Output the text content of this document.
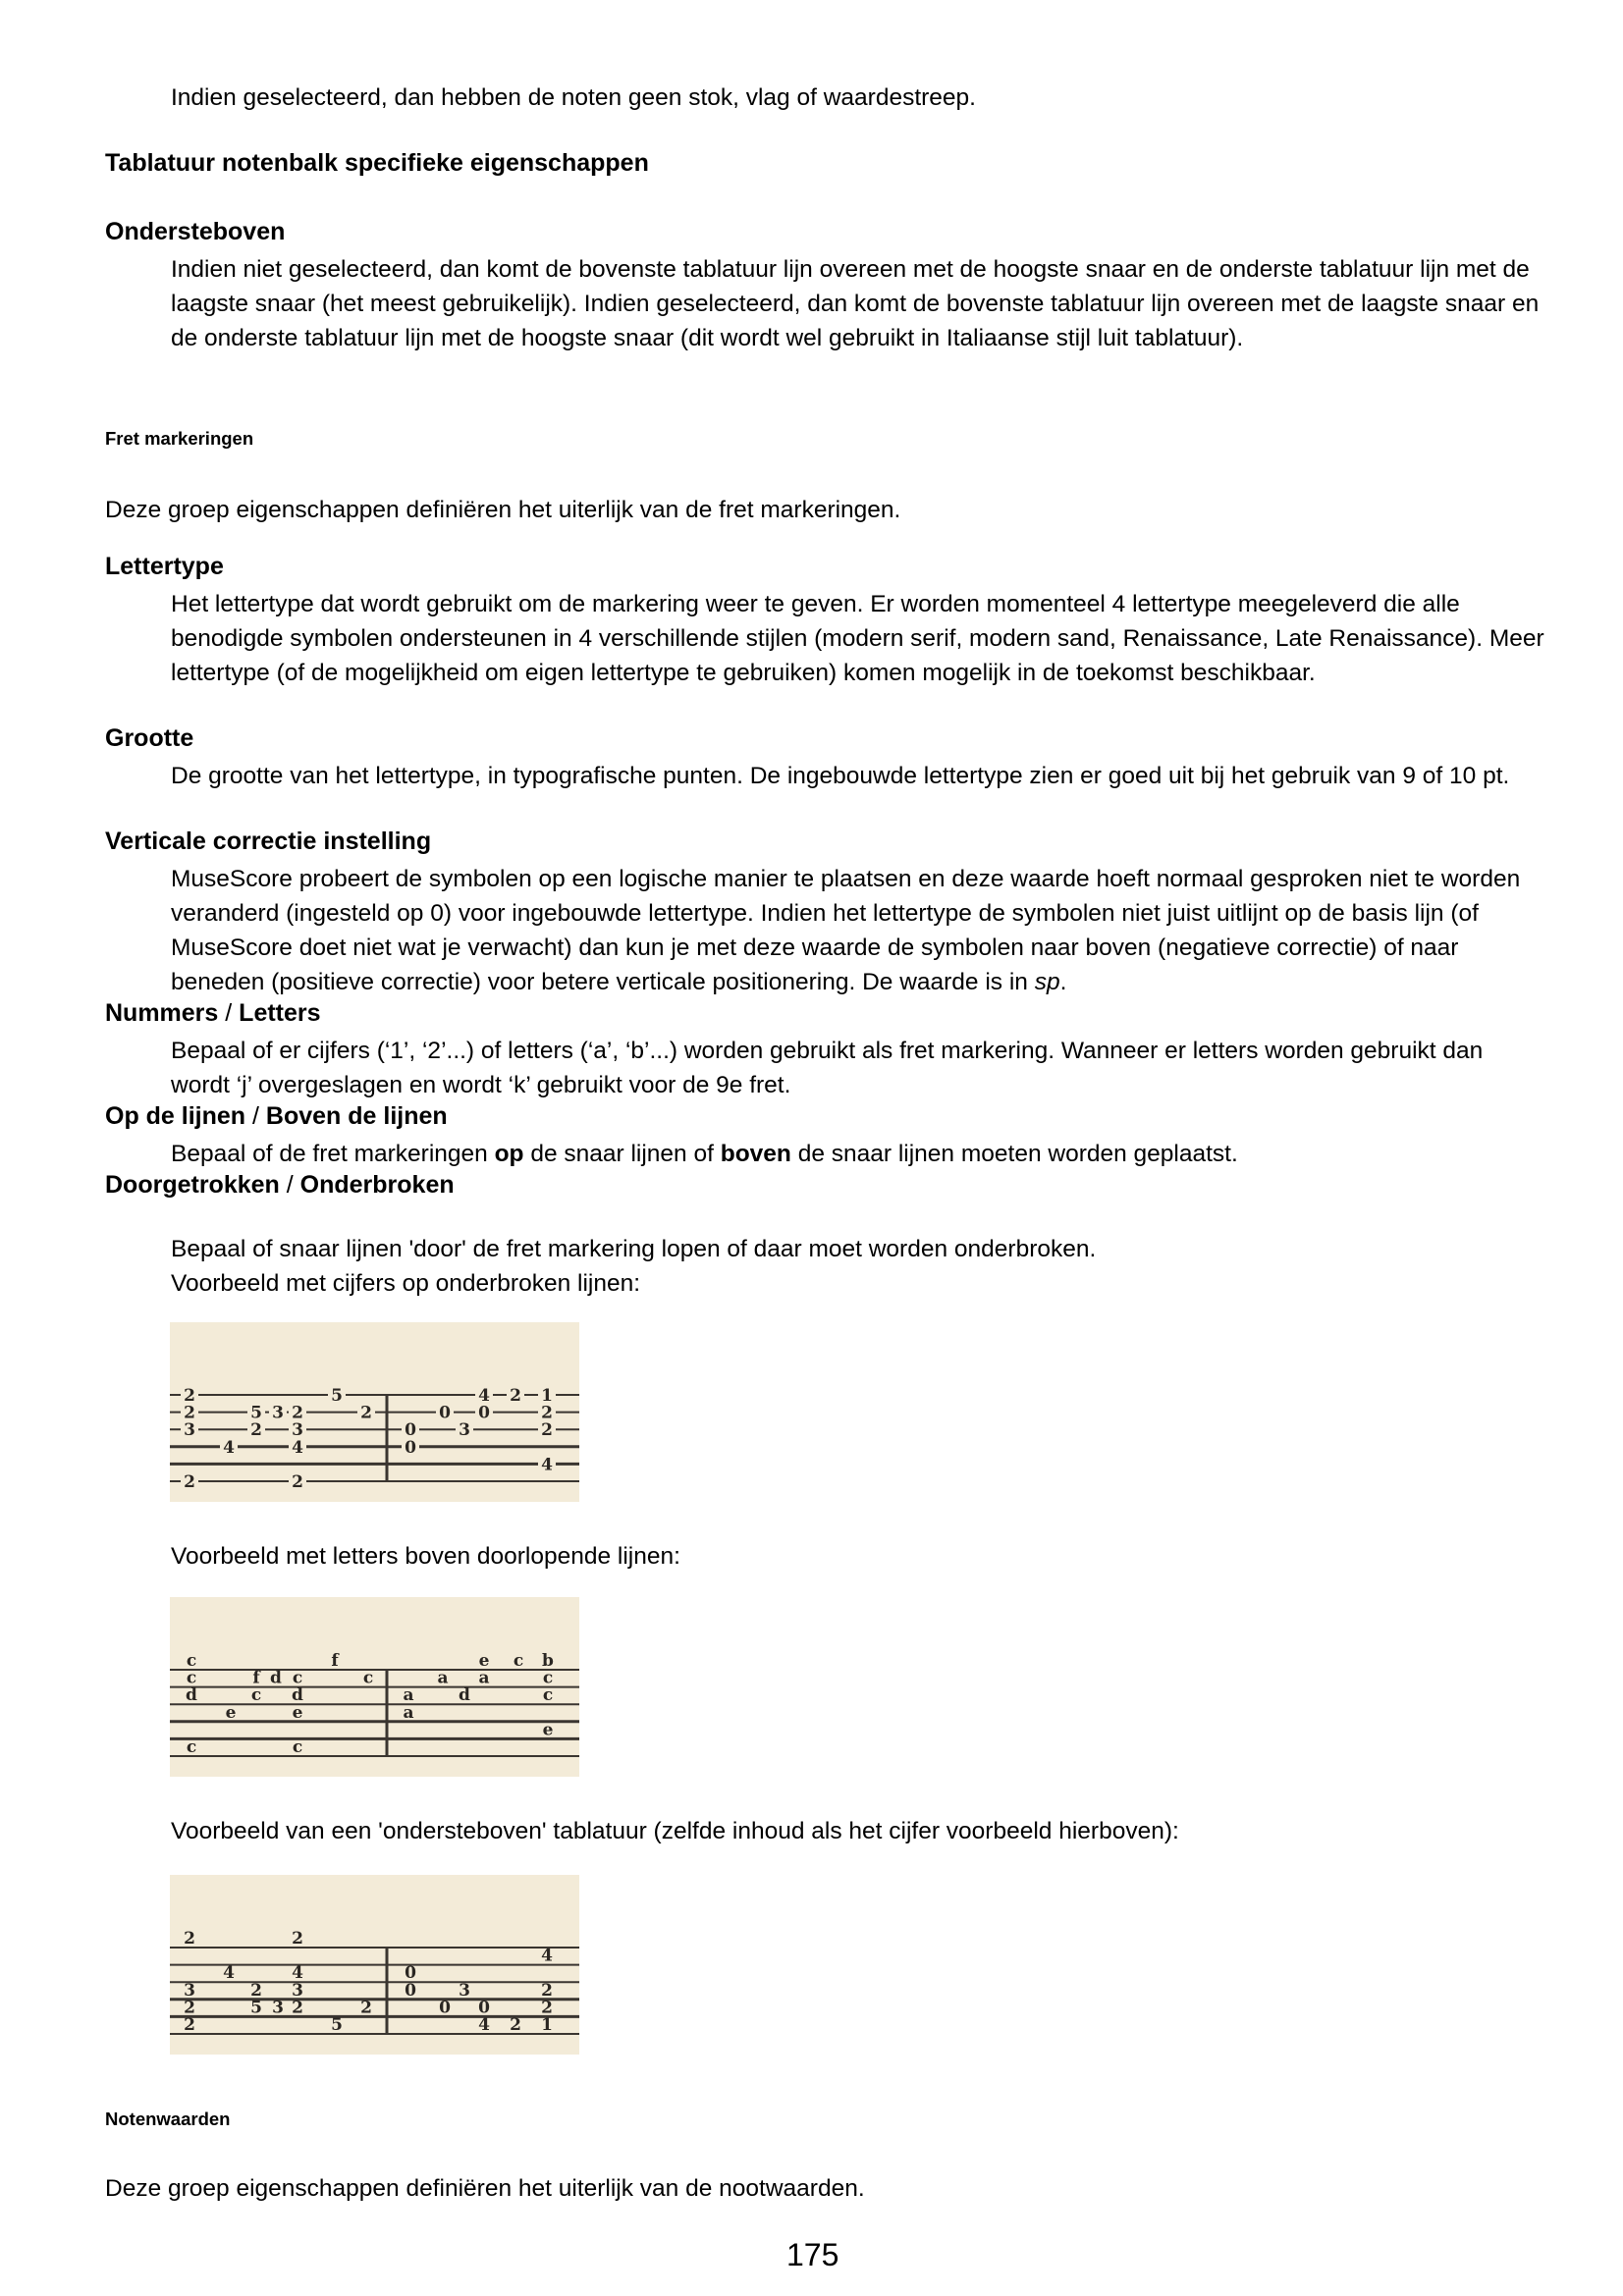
Indien geselecteerd, dan hebben de noten geen stok, vlag of waardestreep.
Tablatuur notenbalk specifieke eigenschappen
Ondersteboven
Indien niet geselecteerd, dan komt de bovenste tablatuur lijn overeen met de hoogste snaar en de onderste tablatuur lijn met de laagste snaar (het meest gebruikelijk). Indien geselecteerd, dan komt de bovenste tablatuur lijn overeen met de laagste snaar en de onderste tablatuur lijn met de hoogste snaar (dit wordt wel gebruikt in Italiaanse stijl luit tablatuur).
Fret markeringen
Deze groep eigenschappen definiëren het uiterlijk van de fret markeringen.
Lettertype
Het lettertype dat wordt gebruikt om de markering weer te geven. Er worden momenteel 4 lettertype meegeleverd die alle benodigde symbolen ondersteunen in 4 verschillende stijlen (modern serif, modern sand, Renaissance, Late Renaissance). Meer lettertype (of de mogelijkheid om eigen lettertype te gebruiken) komen mogelijk in de toekomst beschikbaar.
Grootte
De grootte van het lettertype, in typografische punten. De ingebouwde lettertype zien er goed uit bij het gebruik van 9 of 10 pt.
Verticale correctie instelling
MuseScore probeert de symbolen op een logische manier te plaatsen en deze waarde hoeft normaal gesproken niet te worden veranderd (ingesteld op 0) voor ingebouwde lettertype. Indien het lettertype de symbolen niet juist uitlijnt op de basis lijn (of MuseScore doet niet wat je verwacht) dan kun je met deze waarde de symbolen naar boven (negatieve correctie) of naar beneden (positieve correctie) voor betere verticale positionering. De waarde is in sp.
Nummers / Letters
Bepaal of er cijfers (‘1’, ‘2’...) of letters (‘a’, ‘b’...) worden gebruikt als fret markering. Wanneer er letters worden gebruikt dan wordt ‘j’ overgeslagen en wordt ‘k’ gebruikt voor de 9e fret.
Op de lijnen / Boven de lijnen
Bepaal of de fret markeringen op de snaar lijnen of boven de snaar lijnen moeten worden geplaatst.
Doorgetrokken / Onderbroken
Bepaal of snaar lijnen 'door' de fret markering lopen of daar moet worden onderbroken.
Voorbeeld met cijfers op onderbroken lijnen:
2
2
3
2
4
5
2
3 2
3
4
2
5
2
0
0
0
3
4
0
2 1
2
2
4
Voorbeeld met letters boven doorlopende lijnen:
c
c
d
c
e
f
c
d c
d
e
c
f
c
a
a
a
d
e
a
c b
c
c
e
Voorbeeld van een 'ondersteboven' tablatuur (zelfde inhoud als het cijfer voorbeeld hierboven):
2
3
2
2
4
2
5 3
2
4
3
2
5
2
0
0
0
3
0
4 2
4
2
2
1
Notenwaarden
Deze groep eigenschappen definiëren het uiterlijk van de nootwaarden.
175
